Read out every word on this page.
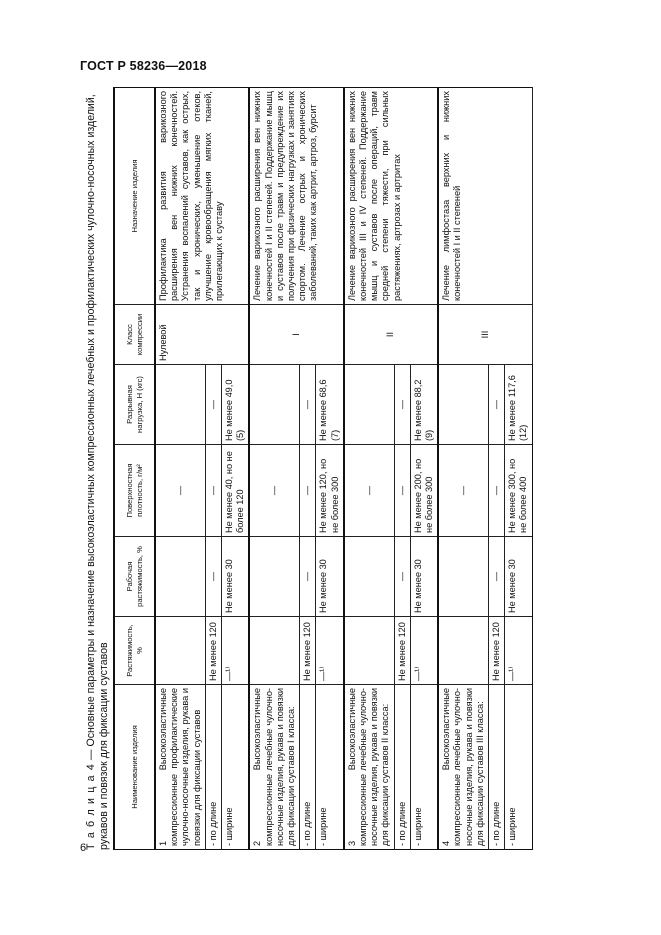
ГОСТ Р 58236—2018

Т а б л и ц а 4 — Основные параметры и назначение высокоэластичных компрессионных лечебных и профилактических чулочно-носочных изделий, рукавов и повязок для фиксации суставов	Наименование изделия	Растяжимость, %	Рабочая растяжимость, %	Поверхностная плотность, г/м²	Разрывная нагрузка, Н (кгс)	Класс компрессии	Назначение изделия
1 Высокоэластичные компрессионные профилактические чулочно-носочные изделия, рукава и повязки для фиксации суставов			—		Нулевой	Профилактика развития варикозного расширения вен нижних конечностей. Устранения воспалений суставов, как острых, так и хронических, уменьшение отеков, улучшение кровообращения мягких тканей, прилегающих к суставу
- по длине	Не менее 120	—	—	—		
- ширине	—¹⁾	Не менее 30	Не менее 40, но не более 120	Не менее 49,0 (5)		
2 Высокоэластичные компрессионные лечебные чулочно-носочные изделия, рукава и повязки для фиксации суставов I класса:			—		I	Лечение варикозного расширения вен нижних конечностей I и II степеней. Поддержание мышц и суставов после травм и предупреждение их получения при физических нагрузках и занятиях спортом. Лечение острых и хронических заболеваний, таких как артрит, артроз, бурсит
- по длине	Не менее 120	—	—	—		
- ширине	—¹⁾	Не менее 30	Не менее 120, но не более 300	Не менее 68,6 (7)		
3 Высокоэластичные компрессионные лечебные чулочно-носочные изделия, рукава и повязки для фиксации суставов II класса:			—		II	Лечение варикозного расширения вен нижних конечностей III и IV степеней. Поддержание мышц и суставов после операций, травм средней степени тяжести, при сильных растяжениях, артрозах и артритах
- по длине	Не менее 120	—	—	—		
- ширине	—¹⁾	Не менее 30	Не менее 200, но не более 300	Не менее 88,2 (9)		
4 Высокоэластичные компрессионные лечебные чулочно-носочные изделия, рукава и повязки для фиксации суставов III класса:			—		III	Лечение лимфостаза верхних и нижних конечностей I и II степеней
- по длине	Не менее 120	—	—	—		
- ширине	—¹⁾	Не менее 30	Не менее 300, но не более 400	Не менее 117,6 (12)		
6
